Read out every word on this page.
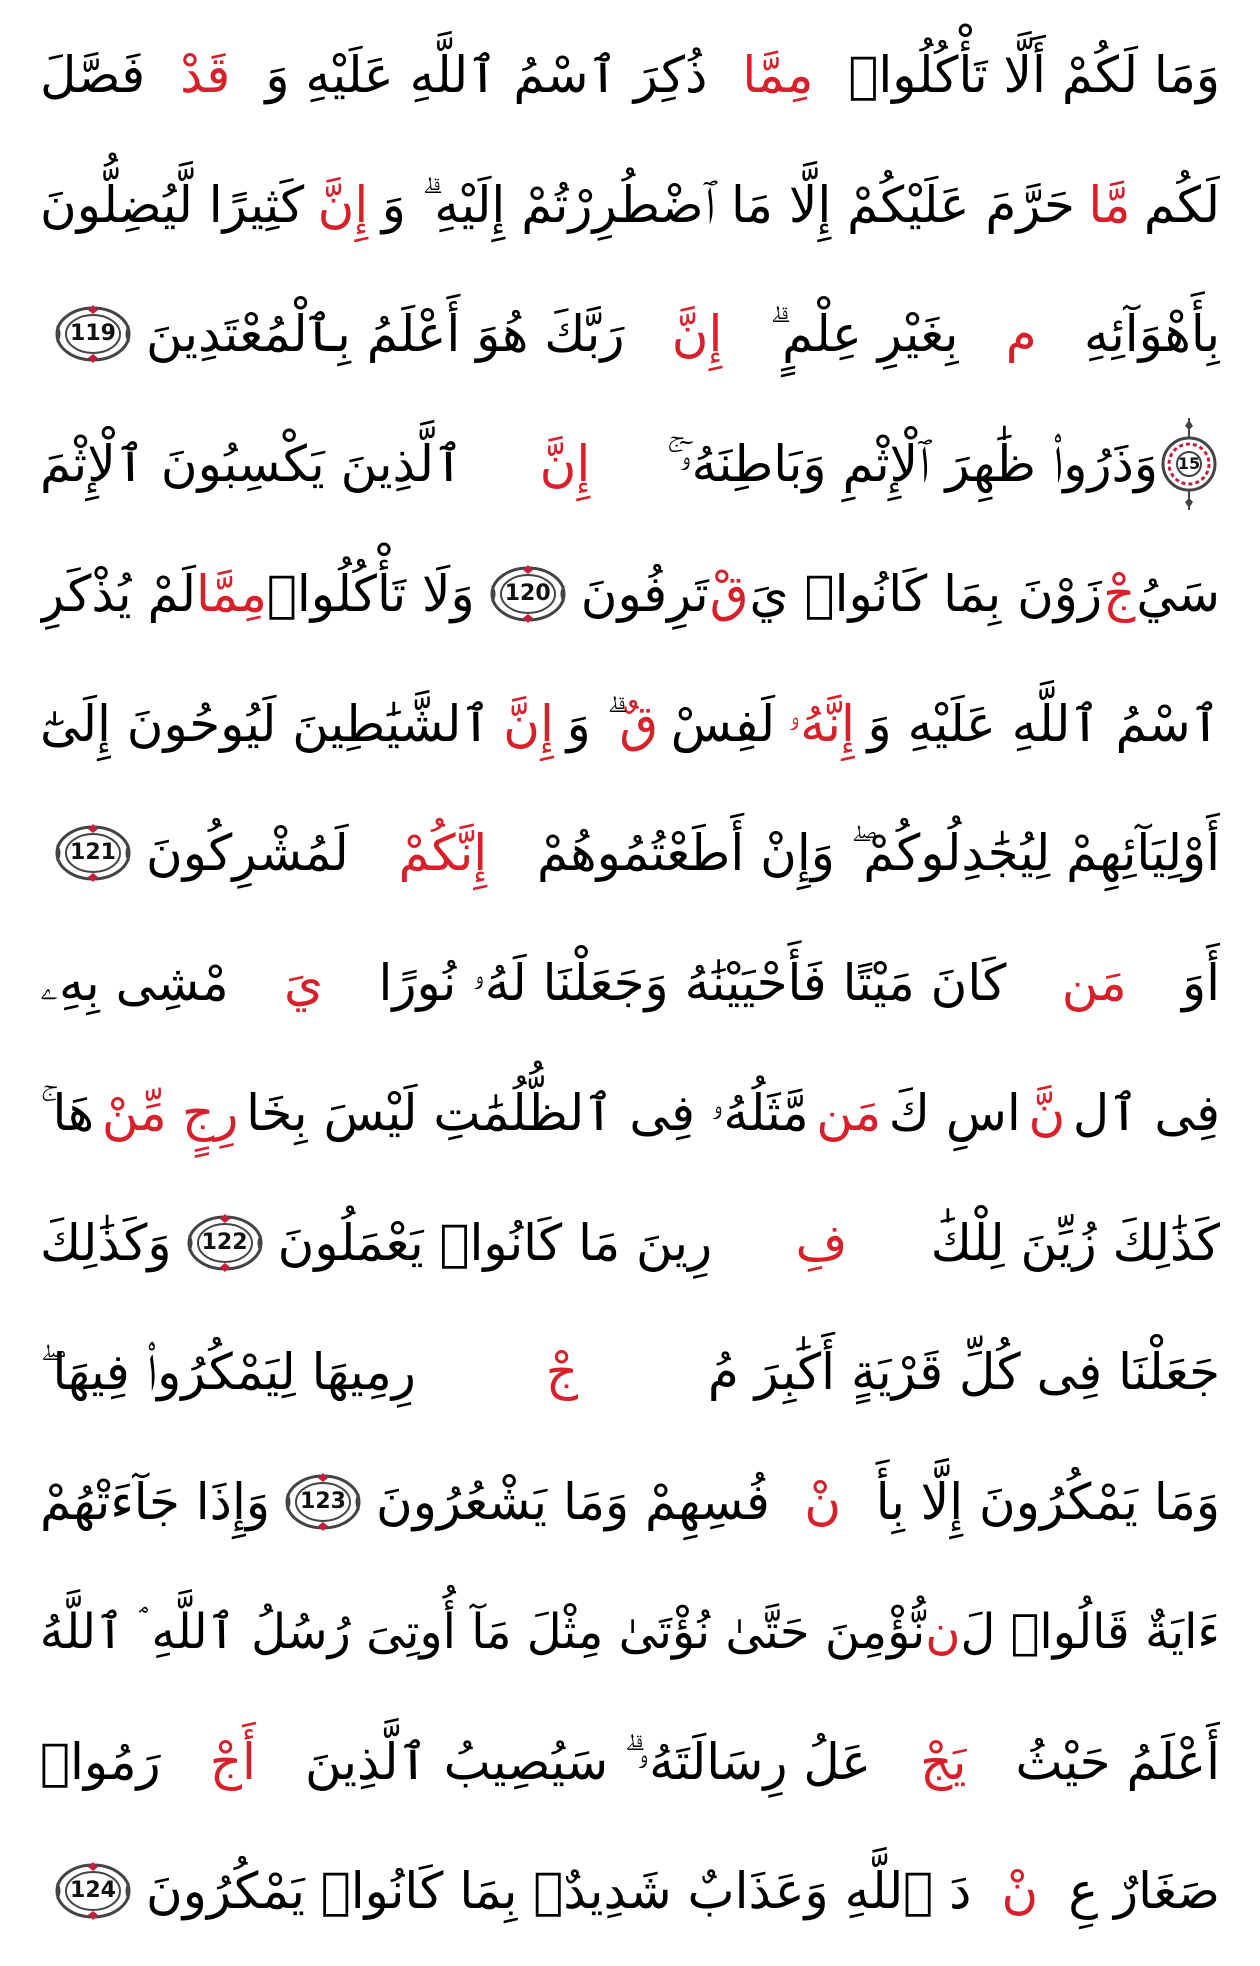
وَمَا لَكُمْ أَلَّا تَأْكُلُوا۟
مِمَّا
ذُكِرَ ٱسْمُ ٱللَّهِ عَلَيْهِ وَ
قَدْ
فَصَّلَ
لَكُم
مَّا
حَرَّمَ عَلَيْكُمْ إِلَّا مَا ٱضْطُرِرْتُمْ إِلَيْهِ ۗ وَ
إِنَّ
كَثِيرًا لَّيُضِلُّونَ
بِأَهْوَآئِهِ
م
بِغَيْرِ عِلْمٍ ۗ
إِنَّ
رَبَّكَ هُوَ أَعْلَمُ بِٱلْمُعْتَدِينَ
119
15
وَذَرُوا۟ ظَٰهِرَ ٱلْإِثْمِ وَبَاطِنَهُۥٓ ۚ
إِنَّ
ٱلَّذِينَ يَكْسِبُونَ ٱلْإِثْمَ
سَيُ
جْ
زَوْنَ بِمَا كَانُوا۟ يَ
قْ
تَرِفُونَ
120
وَلَا تَأْكُلُوا۟
مِمَّا
لَمْ يُذْكَرِ
ٱسْمُ ٱللَّهِ عَلَيْهِ وَ
إِنَّهُۥ
لَفِسْ
قٌ
ۗ وَ
إِنَّ
ٱلشَّيَٰطِينَ لَيُوحُونَ إِلَىٰٓ
أَوْلِيَآئِهِمْ لِيُجَٰدِلُوكُمْ ۖ وَإِنْ أَطَعْتُمُوهُمْ
إِنَّكُمْ
لَمُشْرِكُونَ
121
أَوَ
مَن
كَانَ مَيْتًا فَأَحْيَيْنَٰهُ وَجَعَلْنَا لَهُۥ نُورًا
يَ
مْشِى بِهِۦ
فِى ٱل
نَّ
اسِ كَ
مَن
مَّثَلُهُۥ فِى ٱلظُّلُمَٰتِ لَيْسَ بِخَا
رِجٍ
مِّنْ
هَا ۚ
كَذَٰلِكَ زُيِّنَ لِلْكَٰ
فِ
رِينَ مَا كَانُوا۟ يَعْمَلُونَ
122
وَكَذَٰلِكَ
جَعَلْنَا فِى كُلِّ قَرْيَةٍ أَكَٰبِرَ مُ
جْ
رِمِيهَا لِيَمْكُرُوا۟ فِيهَا ۖ
وَمَا يَمْكُرُونَ إِلَّا بِأَ
نْ
فُسِهِمْ وَمَا يَشْعُرُونَ
123
وَإِذَا جَآءَتْهُمْ
ءَايَةٌ قَالُوا۟ لَ
ن
نُّؤْمِنَ حَتَّىٰ نُؤْتَىٰ مِثْلَ مَآ أُوتِىَ رُسُلُ ٱللَّهِ ۘ ٱللَّهُ
أَعْلَمُ حَيْثُ
يَجْ
عَلُ رِسَالَتَهُۥ ۗ سَيُصِيبُ ٱلَّذِينَ
أَجْ
رَمُوا۟
صَغَارٌ عِ
نْ
دَ ٱللَّهِ وَعَذَابٌ شَدِيدٌۢ بِمَا كَانُوا۟ يَمْكُرُونَ
124
